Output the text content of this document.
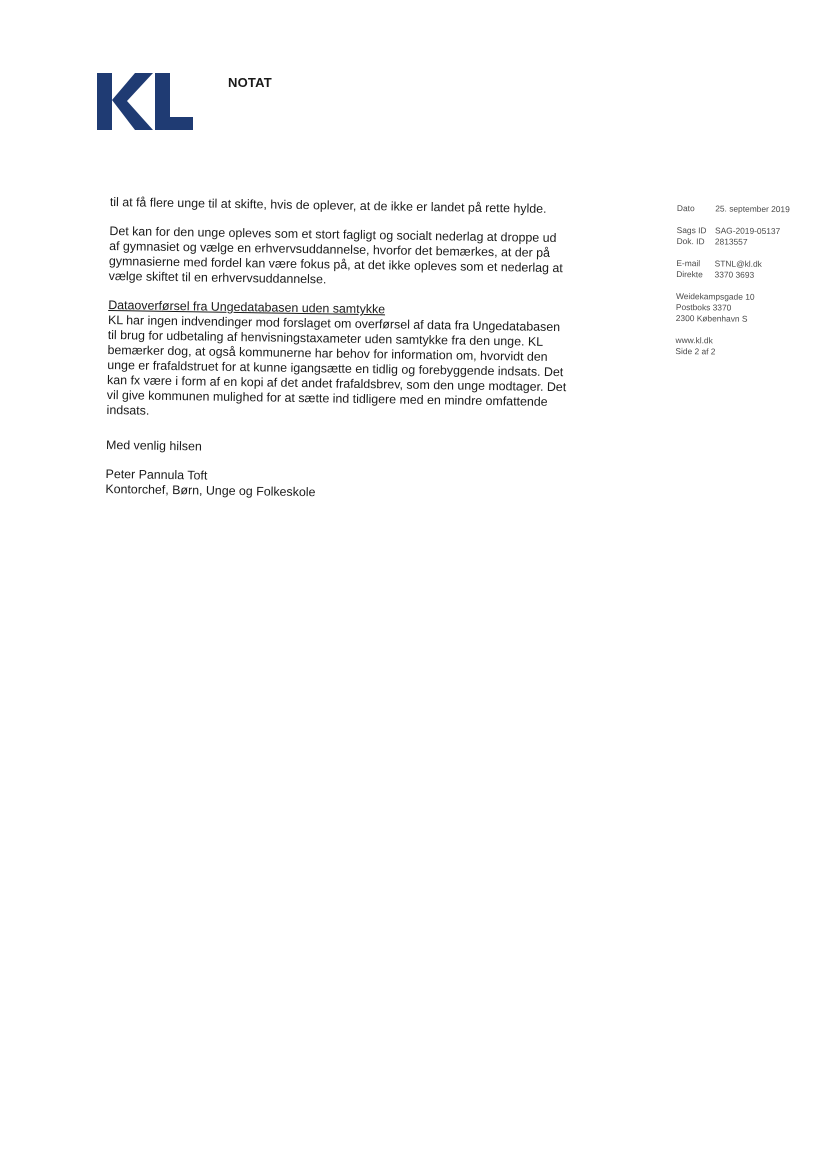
NOTAT

til at få flere unge til at skifte, hvis de oplever, at de ikke er landet på rette hylde.

Det kan for den unge opleves som et stort fagligt og socialt nederlag at droppe ud af gymnasiet og vælge en erhvervsuddannelse, hvorfor det bemærkes, at der på gymnasierne med fordel kan være fokus på, at det ikke opleves som et nederlag at vælge skiftet til en erhvervsuddannelse.

Dataoverførsel fra Ungedatabasen uden samtykke
KL har ingen indvendinger mod forslaget om overførsel af data fra Ungedatabasen til brug for udbetaling af henvisningstaxameter uden samtykke fra den unge. KL bemærker dog, at også kommunerne har behov for information om, hvorvidt den unge er frafaldstruet for at kunne igangsætte en tidlig og forebyggende indsats. Det kan fx være i form af en kopi af det andet frafaldsbrev, som den unge modtager. Det vil give kommunen mulighed for at sætte ind tidligere med en mindre omfattende indsats.

Med venlig hilsen

Peter Pannula Toft

Kontorchef, Børn, Unge og Folkeskole

Dato 25. september 2019
Sags ID SAG-2019-05137
Dok. ID 2813557
E-mail STNL@kl.dk
Direkte 3370 3693
Weidekampsgade 10
Postboks 3370
2300 København S
www.kl.dk
Side 2 af 2
